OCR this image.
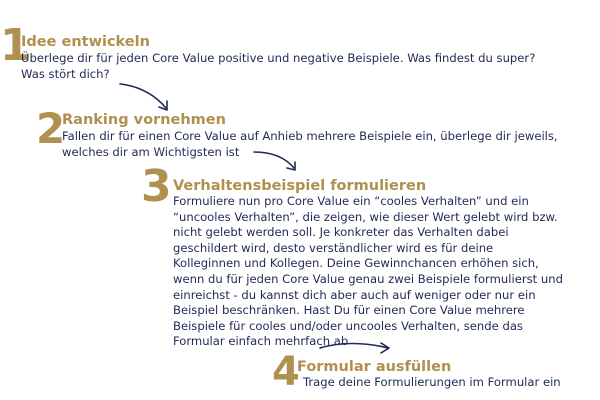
1
Idee entwickeln

Überlege dir für jeden Core Value positive und negative Beispiele. Was findest du super?
Was stört dich?

2
Ranking vornehmen

Fallen dir für einen Core Value auf Anhieb mehrere Beispiele ein, überlege dir jeweils,
welches dir am Wichtigsten ist

3 Verhaltensbeispiel formulieren

Formuliere nun pro Core Value ein “cooles Verhalten” und ein
“uncooles Verhalten”, die zeigen, wie dieser Wert gelebt wird bzw.
nicht gelebt werden soll. Je konkreter das Verhalten dabei
geschildert wird, desto verständlicher wird es für deine
Kolleginnen und Kollegen. Deine Gewinnchancen erhöhen sich,
wenn du für jeden Core Value genau zwei Beispiele formulierst und
einreichst - du kannst dich aber auch auf weniger oder nur ein
Beispiel beschränken. Hast Du für einen Core Value mehrere
Beispiele für cooles und/oder uncooles Verhalten, sende das
Formular einfach mehrfach ab

4
Formular ausfüllen

Trage deine Formulierungen im Formular ein
